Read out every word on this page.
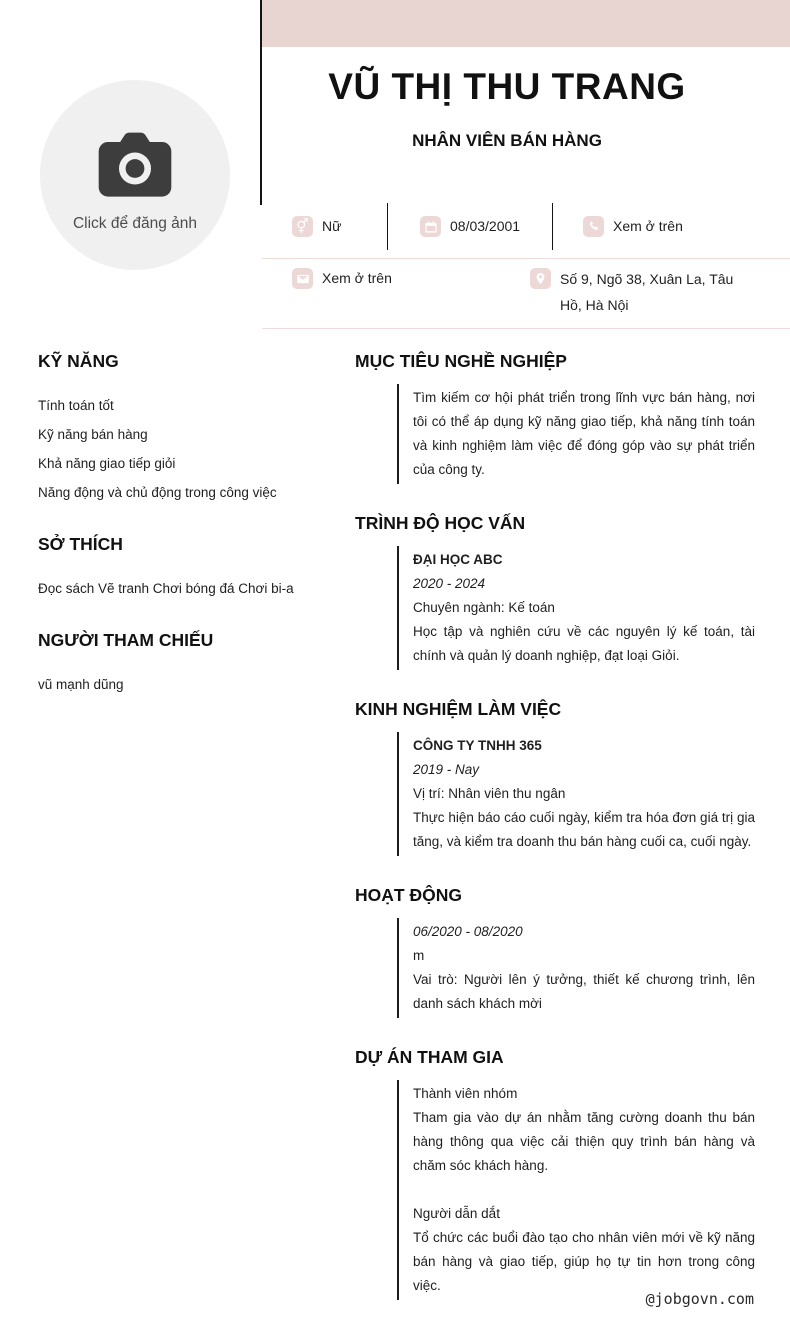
Click để đăng ảnh
VŨ THỊ THU TRANG
NHÂN VIÊN BÁN HÀNG
⚥ Nữ	08/03/2001	Xem ở trên
Xem ở trên	Số 9, Ngõ 38, Xuân La, Tâu Hồ, Hà Nội
KỸ NĂNG
Tính toán tốt
Kỹ năng bán hàng
Khả năng giao tiếp giỏi
Năng động và chủ động trong công việc
SỞ THÍCH
Đọc sách Vẽ tranh Chơi bóng đá Chơi bi-a
NGƯỜI THAM CHIẾU
vũ mạnh dũng
MỤC TIÊU NGHỀ NGHIỆP

Tìm kiếm cơ hội phát triển trong lĩnh vực bán hàng, nơi tôi có thể áp dụng kỹ năng giao tiếp, khả năng tính toán và kinh nghiệm làm việc để đóng góp vào sự phát triển của công ty.

TRÌNH ĐỘ HỌC VẤN

ĐẠI HỌC ABC

2020 - 2024

Chuyên ngành: Kế toán

Học tập và nghiên cứu về các nguyên lý kế toán, tài chính và quản lý doanh nghiệp, đạt loại Giỏi.

KINH NGHIỆM LÀM VIỆC

CÔNG TY TNHH 365

2019 - Nay

Vị trí: Nhân viên thu ngân

Thực hiện báo cáo cuối ngày, kiểm tra hóa đơn giá trị gia tăng, và kiểm tra doanh thu bán hàng cuối ca, cuối ngày.

HOẠT ĐỘNG

06/2020 - 08/2020

m

Vai trò: Người lên ý tưởng, thiết kế chương trình, lên danh sách khách mời

DỰ ÁN THAM GIA

Thành viên nhóm

Tham gia vào dự án nhằm tăng cường doanh thu bán hàng thông qua việc cải thiện quy trình bán hàng và chăm sóc khách hàng.

Người dẫn dắt

Tổ chức các buổi đào tạo cho nhân viên mới về kỹ năng bán hàng và giao tiếp, giúp họ tự tin hơn trong công việc.

@jobgovn.com
